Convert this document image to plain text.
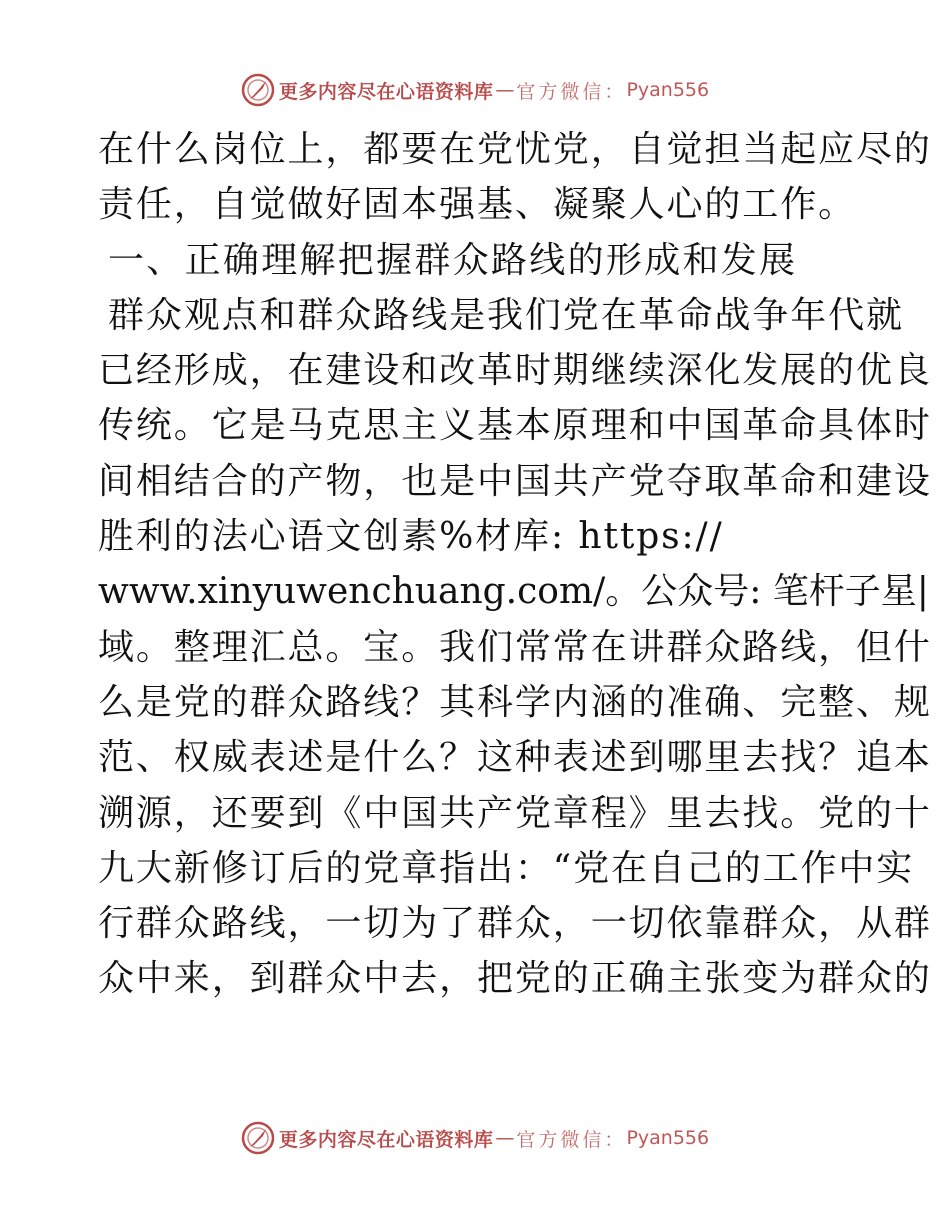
更多内容尽在心语资料库 — 官方微信： Pyan556
在什么岗位上，都要在党忧党，自觉担当起应尽的
责任，自觉做好固本强基、凝聚人心的工作。
一、正确理解把握群众路线的形成和发展
群众观点和群众路线是我们党在革命战争年代就
已经形成，在建设和改革时期继续深化发展的优良
传统。它是马克思主义基本原理和中国革命具体时
间相结合的产物，也是中国共产党夺取革命和建设
胜利的法心语文创素%材库: https://
www.xinyuwenchuang.com/。公众号: 笔杆子星|
域。整理汇总。宝。我们常常在讲群众路线，但什
么是党的群众路线？其科学内涵的准确、完整、规
范、权威表述是什么？这种表述到哪里去找？追本
溯源，还要到《中国共产党章程》里去找。党的十
九大新修订后的党章指出：“党在自己的工作中实
行群众路线，一切为了群众，一切依靠群众，从群
众中来，到群众中去，把党的正确主张变为群众的
更多内容尽在心语资料库 — 官方微信： Pyan556
